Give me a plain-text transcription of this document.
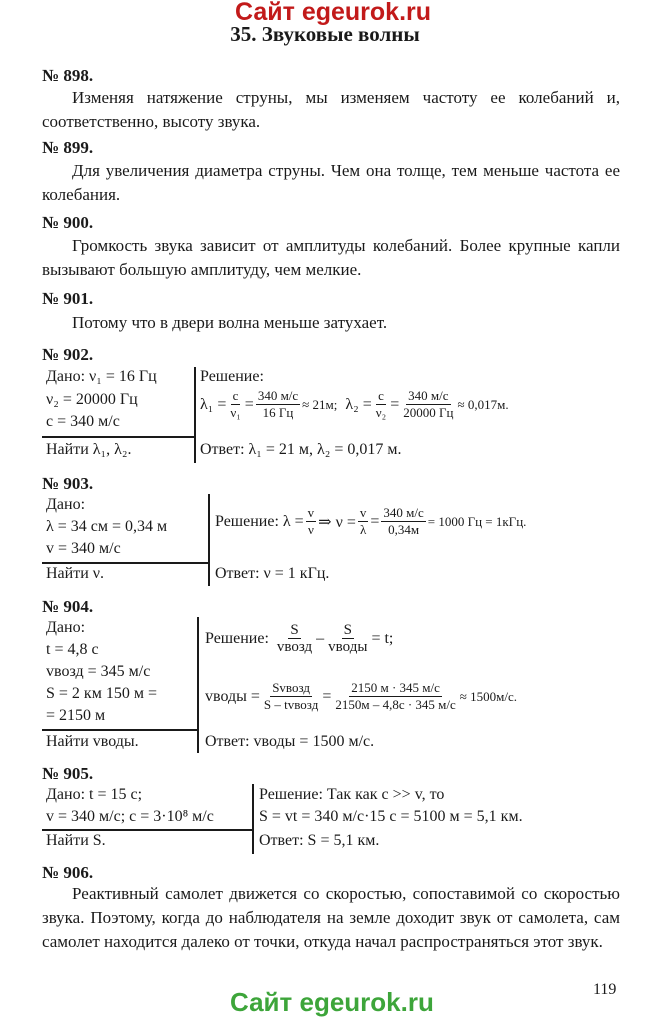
Сайт egeurok.ru
35. Звуковые волны
№ 898.
Изменяя натяжение струны, мы изменяем частоту ее колебаний и, соответственно, высоту звука.
№ 899.
Для увеличения диаметра струны. Чем она толще, тем меньше частота ее колебания.
№ 900.
Громкость звука зависит от амплитуды колебаний. Более крупные капли вызывают большую амплитуду, чем мелкие.
№ 901.
Потому что в двери волна меньше затухает.
№ 902.
Дано: ν₁ = 16 Гц
ν₂ = 20000 Гц
c = 340 м/с
Найти λ₁, λ₂.
Решение:
$\lambda_1 = \frac{c}{\text{ν₁}} = \frac{340 м/с}{16 Гц} \approx 21м$;
$\lambda_2 = \frac{c}{\text{ν₂}} = \frac{340 м/с}{20000 Гц} \approx 0,017м$.
Ответ: λ₁ = 21 м, λ₂ = 0,017 м.
№ 903.
Дано:
λ = 34 см = 0,34 м
v = 340 м/с
Найти ν.
Решение:
$\lambda = \frac{v}{\nu}$ ⇒ $\nu = \frac{v}{\lambda} = \frac{340 м/с}{0,34м} = 1000$ Гц = 1кГц.
Ответ: ν = 1 кГц.
№ 904.
Дано:
t = 4,8 с
vвозд = 345 м/с
S = 2 км 150 м =
= 2150 м
Найти vводы.
Решение:
$\frac{S}{\text{vвозд}} - \frac{S}{\text{vводы}} = t$;
vводы = $\frac{\text{Svвозд}}{\text{S – tvвозд}} = \frac{2150 м \cdot 345 м/с}{2150м - 4,8с \cdot 345 м/с} \approx 1500м/с$.
Ответ: vводы = 1500 м/с.
№ 905.
Дано: t = 15 с;
v = 340 м/с; c = 3·10⁸ м/с
Найти S.
Решение: Так как c >> v, то
S = vt = 340 м/с·15 с = 5100 м = 5,1 км.
Ответ: S = 5,1 км.
№ 906.
Реактивный самолет движется со скоростью, сопоставимой со скоростью звука. Поэтому, когда до наблюдателя на земле доходит звук от самолета, сам самолет находится далеко от точки, откуда начал распространяться этот звук.
119
Сайт egeurok.ru
